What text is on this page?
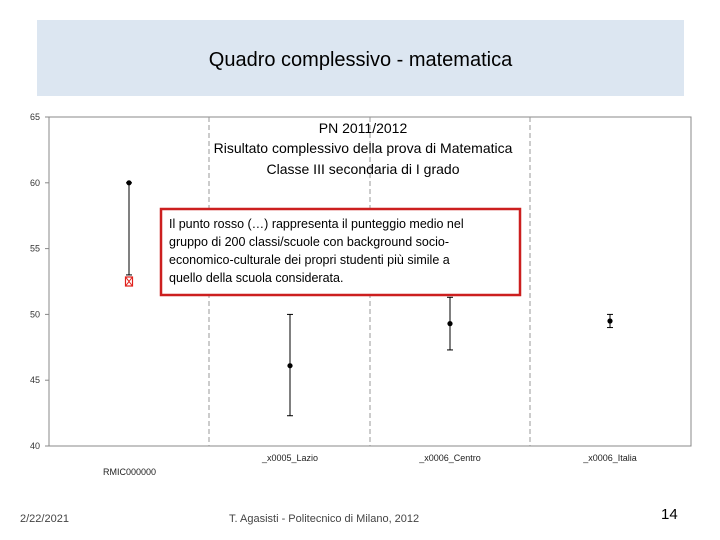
Quadro complessivo - matematica
40
45
50
55
60
65
RMIC000000
_x0005_Lazio	_x0006_Centro	_x0006_Italia
PN 2011/2012
Risultato complessivo della prova di Matematica
Classe III secondaria di I grado
Il punto rosso (…) rappresenta il punteggio medio nel
gruppo di 200 classi/scuole con background socio-
economico-culturale dei propri studenti più simile a
quello della scuola considerata.
2/22/2021	T. Agasisti - Politecnico di Milano, 2012	14
